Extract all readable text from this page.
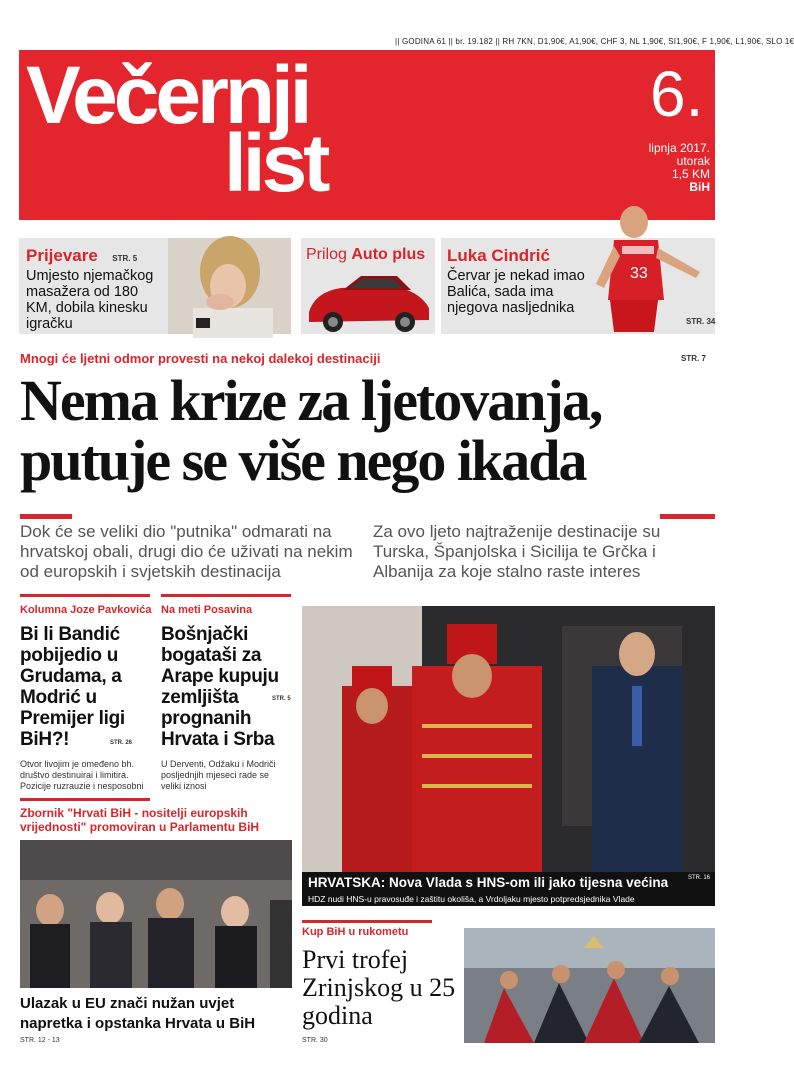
|| GODINA 61 || br. 19.182 || RH 7KN, D1,90€, A1,90€, CHF 3, NL 1,90€, SI1,90€, F 1,90€, L1,90€, SLO 1€
Večernji
list
6.
lipnja 2017.
utorak
1,5 KM
BiH
Prijevare STR. 5
Umjesto njemačkog masažera od 180 KM, dobila kinesku igračku
Prilog Auto plus Luka Cindrić
Červar je nekad imao Balića, sada ima njegova nasljednika
33
STR. 34
Mnogi će ljetni odmor provesti na nekoj dalekoj destinaciji	STR. 7
Nema krize za ljetovanja,
putuje se više nego ikada
Dok će se veliki dio "putnika" odmarati na hrvatskoj obali, drugi dio će uživati na nekim od europskih i svjetskih destinacija
Za ovo ljeto najtraženije destinacije su Turska, Španjolska i Sicilija te Grčka i Albanija za koje stalno raste interes
Kolumna Joze Pavkovića
Bi li Bandić pobijedio u Grudama, a Modrić u Premijer ligi BiH?!	STR. 26
Otvor livojim je omeđeno bh. društvo destinuirai i limitira. Pozicije ruzrauzie i nesposobni
Na meti Posavina
Bošnjački bogataši za Arape kupuju zemljišta prognanih Hrvata i Srba
STR. 5
U Derventi, Odžaku i Modriči posljednjih mjeseci rade se veliki iznosi
HRVATSKA: Nova Vlada s HNS-om ili jako tijesna većina	STR. 16
HDZ nudi HNS-u pravosuđe i zaštitu okoliša, a Vrdoljaku mjesto potpredsjednika Vlade
Zbornik "Hrvati BiH - nositelji europskih vrijednosti" promoviran u Parlamentu BiH
Ulazak u EU znači nužan uvjet napretka i opstanka Hrvata u BiH
STR. 12 - 13
Kup BiH u rukometu
Prvi trofej Zrinjskog u 25 godina
STR. 30
